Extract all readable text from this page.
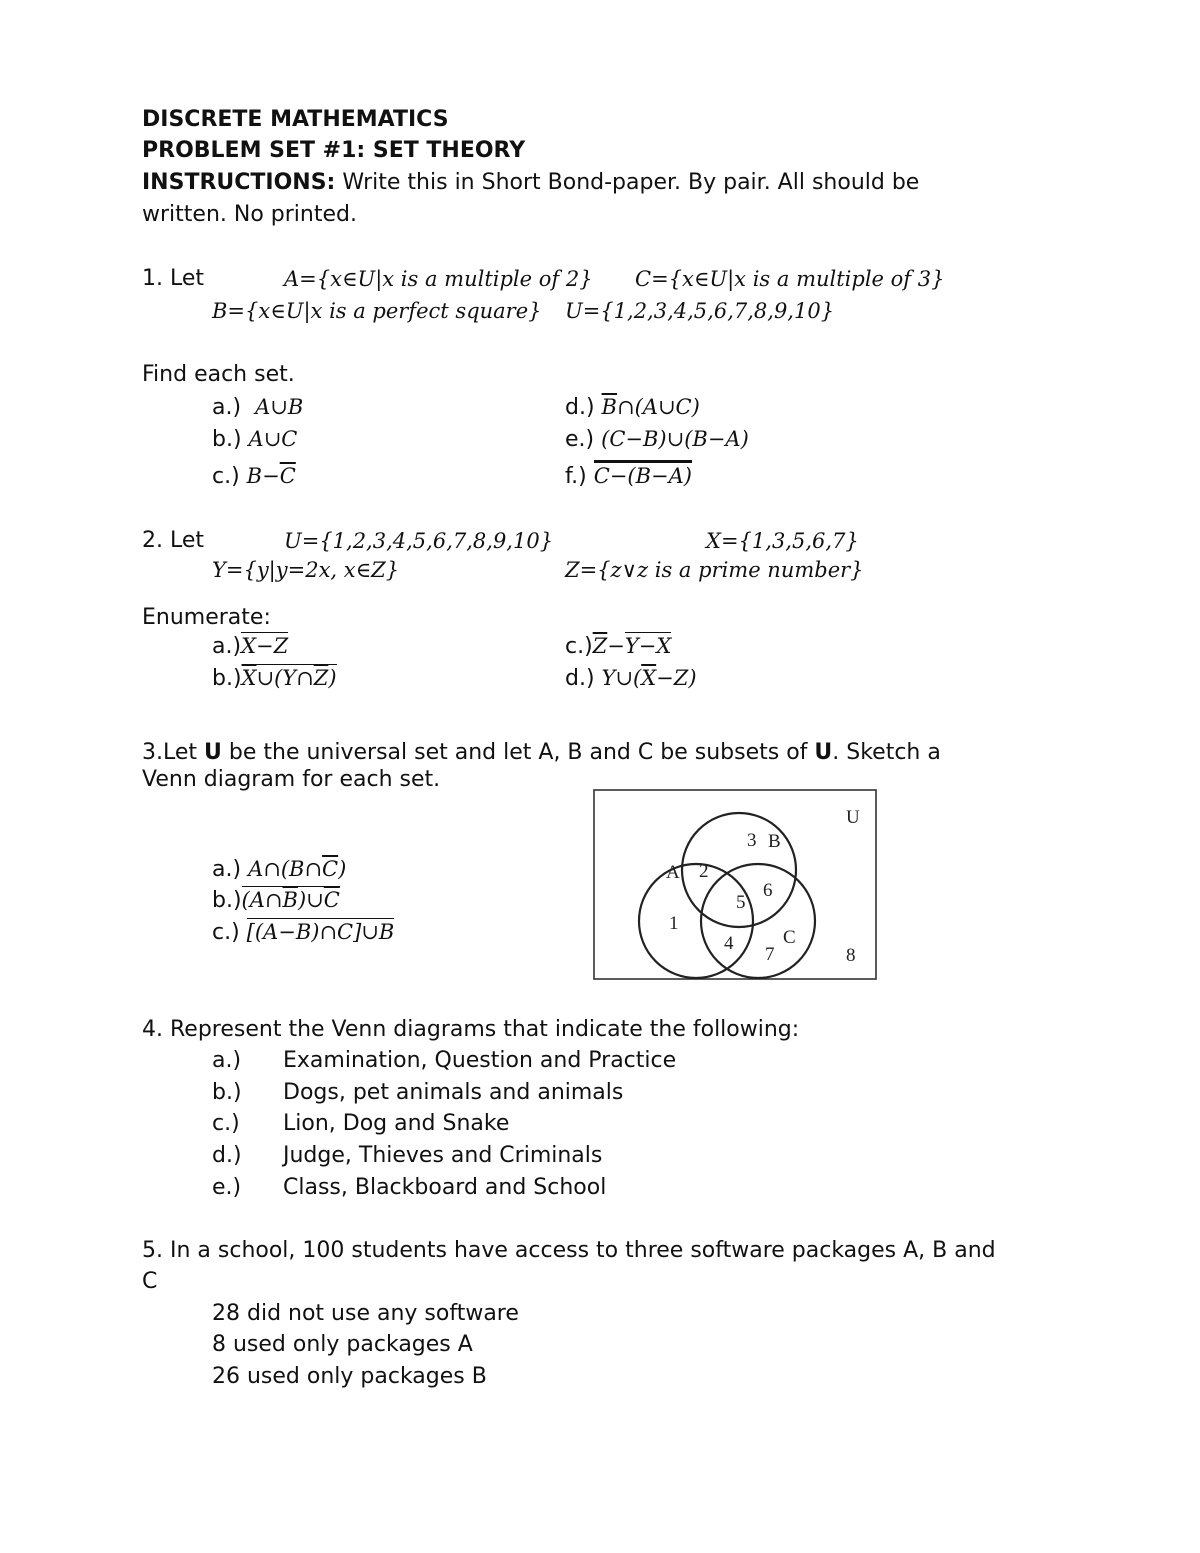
DISCRETE MATHEMATICS
PROBLEM SET #1: SET THEORY
INSTRUCTIONS: Write this in Short Bond-paper. By pair. All should be
written. No printed.
1. Let	A={x∈U|x is a multiple of 2} C={x∈U|x is a multiple of 3}
B={x∈U|x is a perfect square} U={1,2,3,4,5,6,7,8,9,10}
Find each set.
a.) A∪B
b.) A∪C
c.) $B-\overline{C}$
d.) $\overline{B}\cap(A\cup C)$
e.) (C−B)∪(B−A)
f.) C−(B−A)
2. Let	U={1,2,3,4,5,6,7,8,9,10}	X={1,3,5,6,7}
Y={y|y=2x, x∈Z}	Z={z∨z is a prime number}
Enumerate:
a.)X−Z
$b.)\overline{X}\cup(Y\cap\overline{Z})$
$c.)\overline{Z}-Y-X$
d.) $Y\cup(\overline{X}-Z)$
3.Let U be the universal set and let A, B and C be subsets of U. Sketch a
Venn diagram for each set.
a.) $A\cap(B\cap\overline{C})$
$b.)(A\cap\overline{B})\cup\overline{C}$
c.) [(A−B)∩C]∪B
U
A
B
C
1
2
3
4
5
6
7	8
4. Represent the Venn diagrams that indicate the following:
a.) Examination, Question and Practice
b.) Dogs, pet animals and animals
c.) Lion, Dog and Snake
d.) Judge, Thieves and Criminals
e.) Class, Blackboard and School
5. In a school, 100 students have access to three software packages A, B and
C
28 did not use any software
8 used only packages A
26 used only packages B
